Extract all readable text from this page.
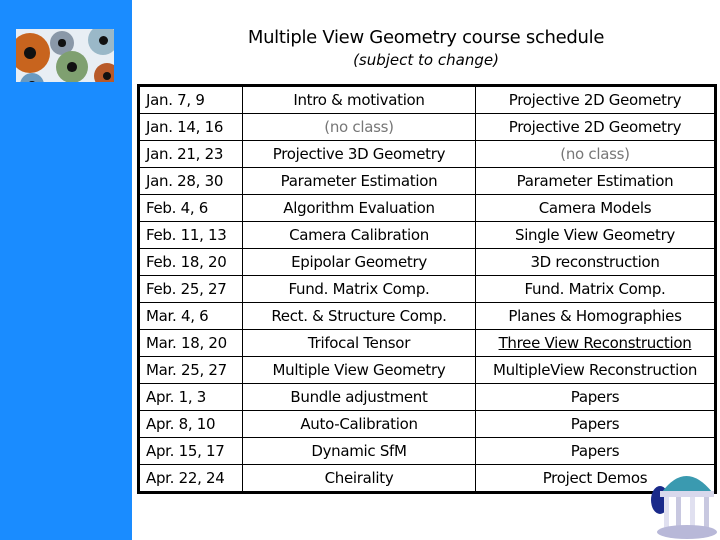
Multiple View Geometry course schedule
(subject to change)
Jan. 7, 9	Intro & motivation	Projective 2D Geometry
Jan. 14, 16	(no class)	Projective 2D Geometry
Jan. 21, 23	Projective 3D Geometry	(no class)
Jan. 28, 30	Parameter Estimation	Parameter Estimation
Feb. 4, 6	Algorithm Evaluation	Camera Models
Feb. 11, 13	Camera Calibration	Single View Geometry
Feb. 18, 20	Epipolar Geometry	3D reconstruction
Feb. 25, 27	Fund. Matrix Comp.	Fund. Matrix Comp.
Mar. 4, 6	Rect. & Structure Comp.	Planes & Homographies
Mar. 18, 20	Trifocal Tensor	Three View Reconstruction
Mar. 25, 27	Multiple View Geometry	MultipleView Reconstruction
Apr. 1, 3	Bundle adjustment	Papers
Apr. 8, 10	Auto-Calibration	Papers
Apr. 15, 17	Dynamic SfM	Papers
Apr. 22, 24	Cheirality	Project Demos
